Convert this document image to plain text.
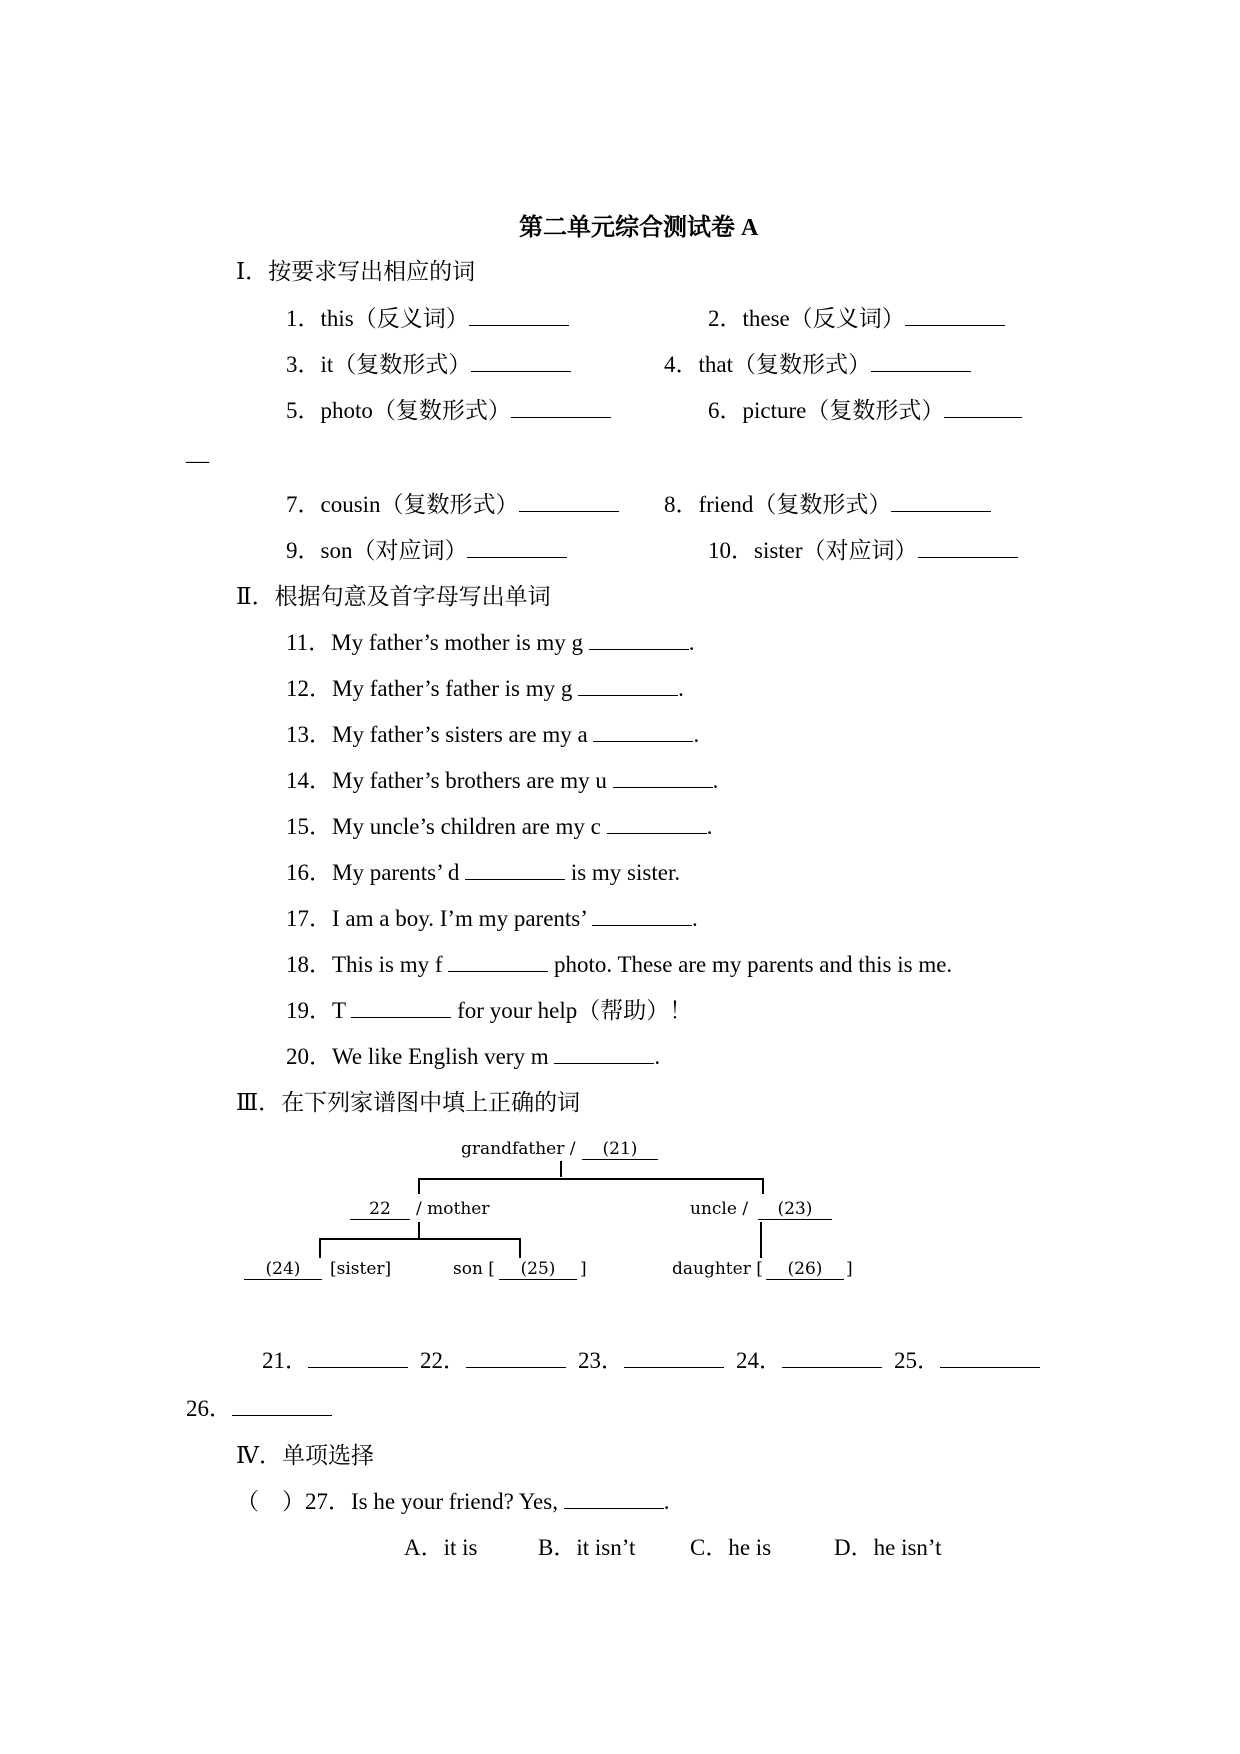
第二单元综合测试卷 A
Ⅰ．按要求写出相应的词
1．this（反义词）	2．these（反义词）
3．it（复数形式）	4．that（复数形式）
5．photo（复数形式）	6．picture（复数形式）
—
7．cousin（复数形式）	8．friend（复数形式）
9．son（对应词）	10．sister（对应词）
Ⅱ．根据句意及首字母写出单词
11．My father’s mother is my g	.
12．My father’s father is my g	.
13．My father’s sisters are my a	.
14．My father’s brothers are my u	.
15．My uncle’s children are my c	.
16．My parents’ d	is my sister.
17．I am a boy. I’m my parents’	.
18．This is my f	photo. These are my parents and this is me.
19．T	for your help（帮助）！
20．We like English very m	.
Ⅲ．在下列家谱图中填上正确的词
grandfather /	(21)
22	/ mother	uncle /	(23)
(24)	[sister]	son [	(25)	]	daughter [	(26)	]
21．	22．	23．	24．	25．
26．
Ⅳ．单项选择
（　）27．Is he your friend? Yes,	.
A．it is	B．it isn’t C．he is	D．he isn’t
